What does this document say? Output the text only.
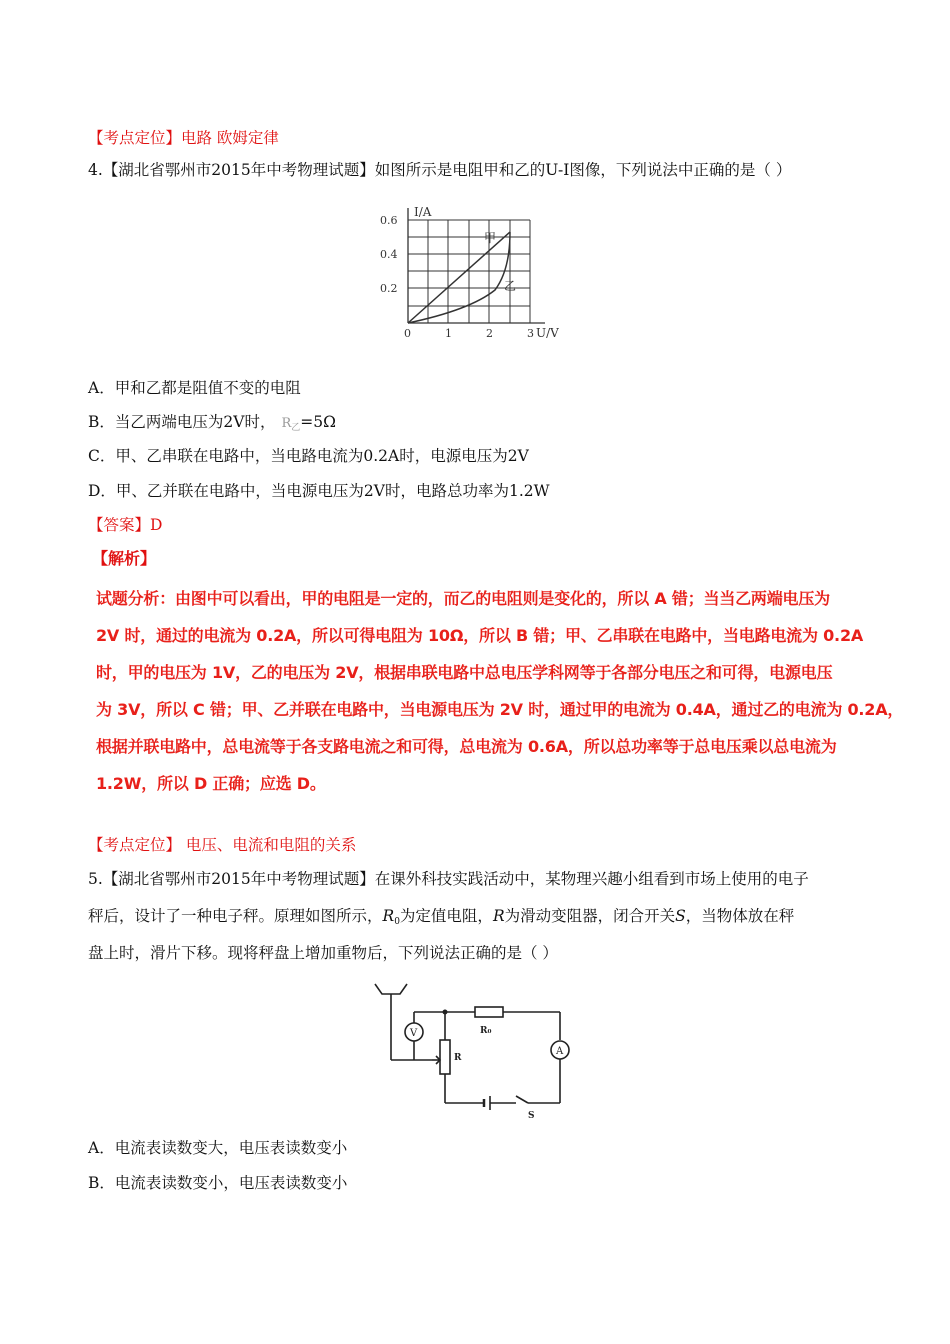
【考点定位】电路 欧姆定律
4.【湖北省鄂州市2015年中考物理试题】如图所示是电阻甲和乙的U-I图像，下列说法中正确的是（ ）
I/A
0.6
0.4
0.2
0	1	2	3 U/V
甲
乙
A．甲和乙都是阻值不变的电阻
B．当乙两端电压为2V时， $R_乙=5\Omega$
C．甲、乙串联在电路中，当电路电流为0.2A时，电源电压为2V
D．甲、乙并联在电路中，当电源电压为2V时，电路总功率为1.2W
【答案】D
【解析】
试题分析：由图中可以看出，甲的电阻是一定的，而乙的电阻则是变化的，所以 A 错；当当乙两端电压为
2V 时，通过的电流为 0.2A，所以可得电阻为 10Ω，所以 B 错；甲、乙串联在电路中，当电路电流为 0.2A
时，甲的电压为 1V，乙的电压为 2V，根据串联电路中总电压学科网等于各部分电压之和可得，电源电压
为 3V，所以 C 错；甲、乙并联在电路中，当电源电压为 2V 时，通过甲的电流为 0.4A，通过乙的电流为 0.2A，
根据并联电路中，总电流等于各支路电流之和可得，总电流为 0.6A，所以总功率等于总电压乘以总电流为
1.2W，所以 D 正确；应选 D。
【考点定位】 电压、电流和电阻的关系
5.【湖北省鄂州市2015年中考物理试题】在课外科技实践活动中，某物理兴趣小组看到市场上使用的电子
秤后，设计了一种电子秤。原理如图所示，$R_0$为定值电阻，R为滑动变阻器，闭合开关S，当物体放在秤
盘上时，滑片下移。现将秤盘上增加重物后，下列说法正确的是（ ）
V
A
R₀
R
S
A．电流表读数变大，电压表读数变小
B．电流表读数变小，电压表读数变小
